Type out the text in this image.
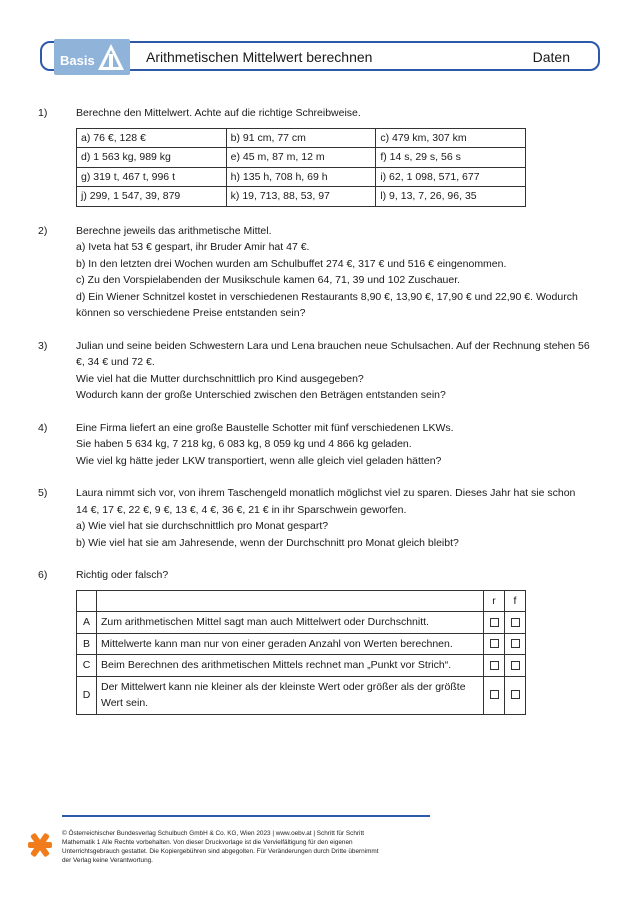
Basis	Arithmetischen Mittelwert berechnen	Daten
1)	Berechne den Mittelwert. Achte auf die richtige Schreibweise.
a) 76 €, 128 €	b) 91 cm, 77 cm	c) 479 km, 307 km
d) 1 563 kg, 989 kg	e) 45 m, 87 m, 12 m	f) 14 s, 29 s, 56 s
g) 319 t, 467 t, 996 t	h) 135 h, 708 h, 69 h	i) 62, 1 098, 571, 677
j) 299, 1 547, 39, 879	k) 19, 713, 88, 53, 97	l) 9, 13, 7, 26, 96, 35
2)	Berechne jeweils das arithmetische Mittel.
a) Iveta hat 53 € gespart, ihr Bruder Amir hat 47 €.
b) In den letzten drei Wochen wurden am Schulbuffet 274 €, 317 € und 516 € eingenommen.
c) Zu den Vorspielabenden der Musikschule kamen 64, 71, 39 und 102 Zuschauer.
d) Ein Wiener Schnitzel kostet in verschiedenen Restaurants 8,90 €, 13,90 €, 17,90 € und 22,90 €. Wodurch
können so verschiedene Preise entstanden sein?
3)	Julian und seine beiden Schwestern Lara und Lena brauchen neue Schulsachen. Auf der Rechnung stehen 56
€, 34 € und 72 €.
Wie viel hat die Mutter durchschnittlich pro Kind ausgegeben?
Wodurch kann der große Unterschied zwischen den Beträgen entstanden sein?
4)	Eine Firma liefert an eine große Baustelle Schotter mit fünf verschiedenen LKWs.
Sie haben 5 634 kg, 7 218 kg, 6 083 kg, 8 059 kg und 4 866 kg geladen.
Wie viel kg hätte jeder LKW transportiert, wenn alle gleich viel geladen hätten?
5)	Laura nimmt sich vor, von ihrem Taschengeld monatlich möglichst viel zu sparen. Dieses Jahr hat sie schon
14 €, 17 €, 22 €, 9 €, 13 €, 4 €, 36 €, 21 € in ihr Sparschwein geworfen.
a) Wie viel hat sie durchschnittlich pro Monat gespart?
b) Wie viel hat sie am Jahresende, wenn der Durchschnitt pro Monat gleich bleibt?
6)	Richtig oder falsch?
		r	f
A	Zum arithmetischen Mittel sagt man auch Mittelwert oder Durchschnitt.		
B	Mittelwerte kann man nur von einer geraden Anzahl von Werten berechnen.		
C	Beim Berechnen des arithmetischen Mittels rechnet man „Punkt vor Strich“.		
D	Der Mittelwert kann nie kleiner als der kleinste Wert oder größer als der größte Wert sein.		
© Österreichischer Bundesverlag Schulbuch GmbH & Co. KG, Wien 2023 | www.oebv.at | Schritt für Schritt
Mathematik 1 Alle Rechte vorbehalten. Von dieser Druckvorlage ist die Vervielfältigung für den eigenen
Unterrichtsgebrauch gestattet. Die Kopiergebühren sind abgegolten. Für Veränderungen durch Dritte übernimmt
der Verlag keine Verantwortung.
